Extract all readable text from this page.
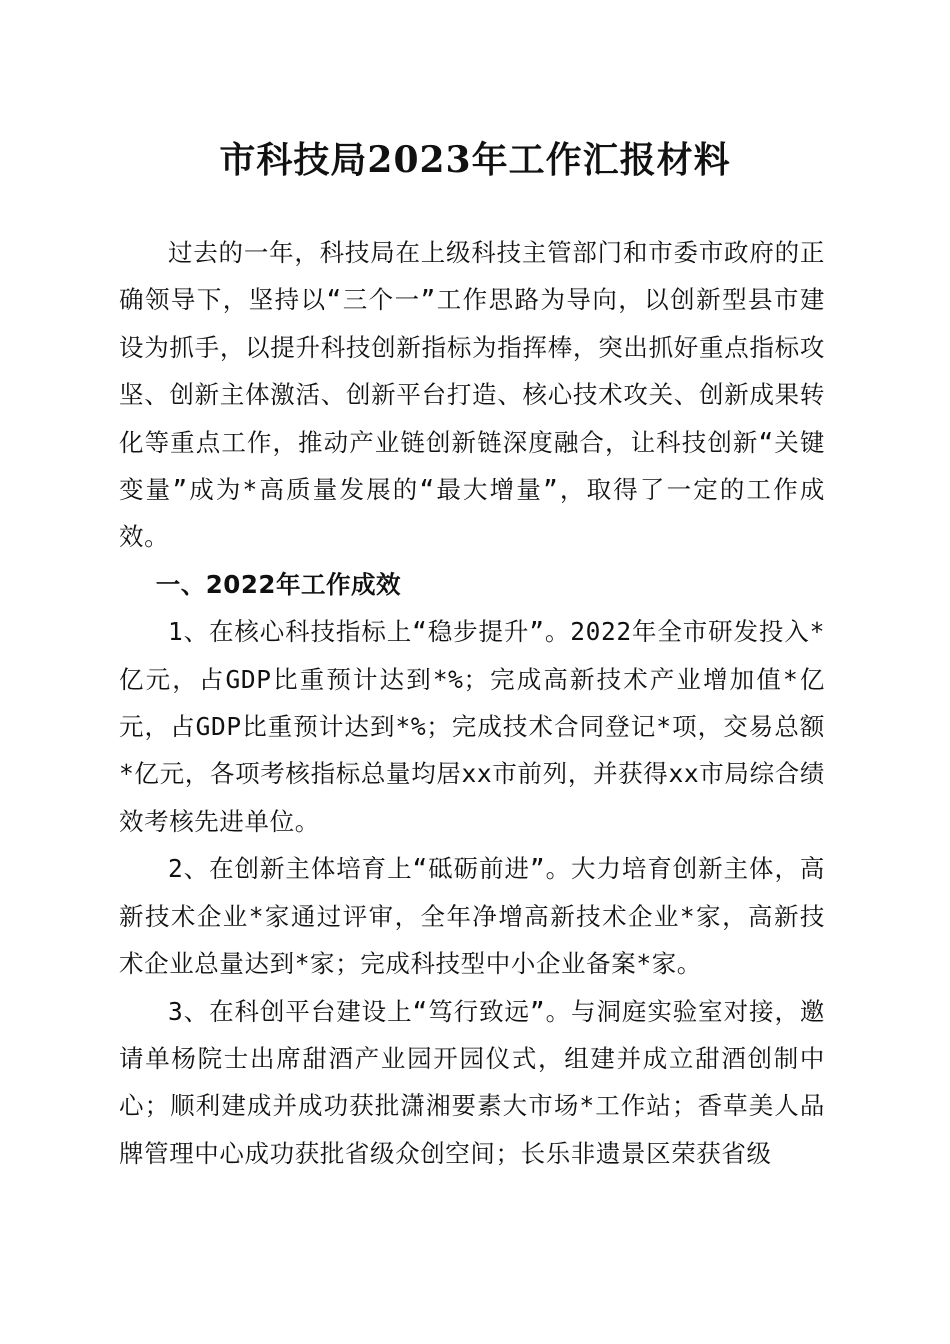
市科技局2023年工作汇报材料

过去的一年，科技局在上级科技主管部门和市委市政府的正确领导下，坚持以“三个一”工作思路为导向，以创新型县市建设为抓手，以提升科技创新指标为指挥棒，突出抓好重点指标攻坚、创新主体激活、创新平台打造、核心技术攻关、创新成果转化等重点工作，推动产业链创新链深度融合，让科技创新“关键变量”成为*高质量发展的“最大增量”，取得了一定的工作成效。

一、2022年工作成效

1、在核心科技指标上“稳步提升”。2022年全市研发投入*亿元，占GDP比重预计达到*%；完成高新技术产业增加值*亿元，占GDP比重预计达到*%；完成技术合同登记*项，交易总额*亿元，各项考核指标总量均居xx市前列，并获得xx市局综合绩效考核先进单位。

2、在创新主体培育上“砥砺前进”。大力培育创新主体，高新技术企业*家通过评审，全年净增高新技术企业*家，高新技术企业总量达到*家；完成科技型中小企业备案*家。

3、在科创平台建设上“笃行致远”。与洞庭实验室对接，邀请单杨院士出席甜酒产业园开园仪式，组建并成立甜酒创制中心；顺利建成并成功获批潇湘要素大市场*工作站；香草美人品牌管理中心成功获批省级众创空间；长乐非遗景区荣获省级
